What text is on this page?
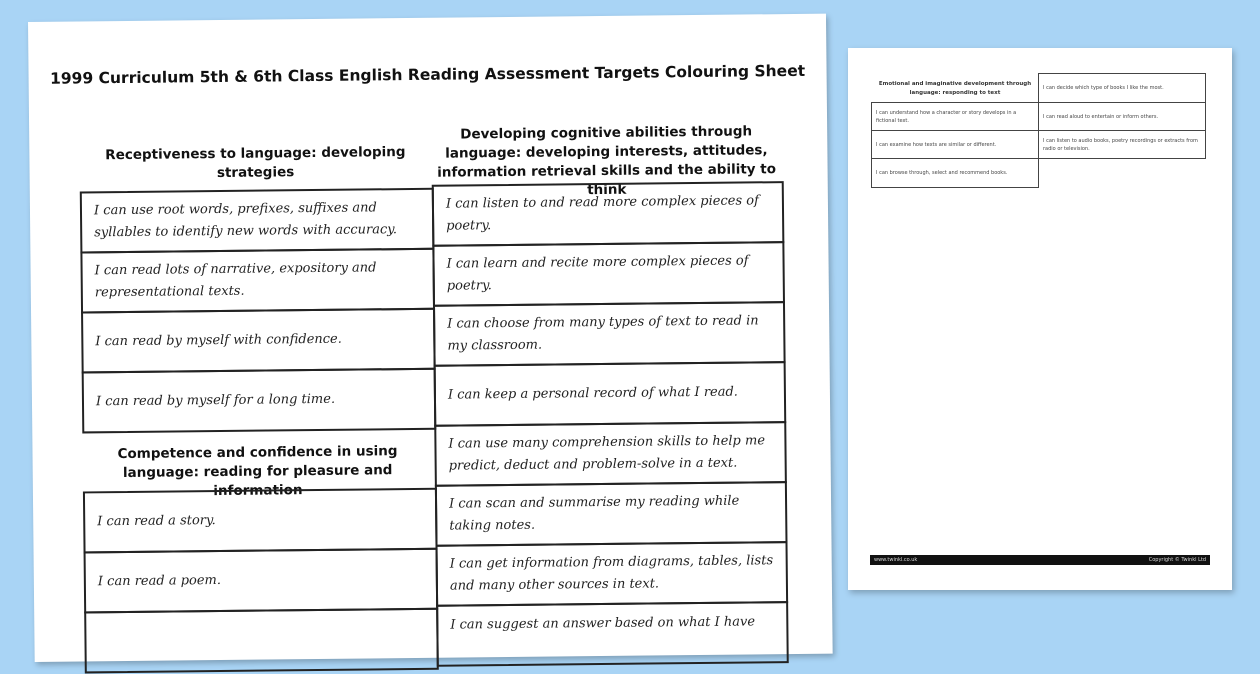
1999 Curriculum 5th & 6th Class English Reading Assessment Targets Colouring Sheet
Receptiveness to language: developing strategies
Developing cognitive abilities through language: developing interests, attitudes, information retrieval skills and the ability to think
I can use root words, prefixes, suffixes and syllables to identify new words with accuracy.
I can read lots of narrative, expository and representational texts.
I can read by myself with confidence.
I can read by myself for a long time.
Competence and confidence in using language: reading for pleasure and information
I can read a story.
I can read a poem.
I can listen to and read more complex pieces of poetry.
I can learn and recite more complex pieces of poetry.
I can choose from many types of text to read in my classroom.
I can keep a personal record of what I read.
I can use many comprehension skills to help me predict, deduct and problem-solve in a text.
I can scan and summarise my reading while taking notes.
I can get information from diagrams, tables, lists and many other sources in text.
I can suggest an answer based on what I have
Emotional and imaginative development through language: responding to text
I can decide which type of books I like the most.
I can understand how a character or story develops in a fictional text.
I can read aloud to entertain or inform others.
I can examine how texts are similar or different.
I can listen to audio books, poetry recordings or extracts from radio or television.
I can browse through, select and recommend books.
www.twinkl.co.uk	Copyright © Twinkl Ltd
